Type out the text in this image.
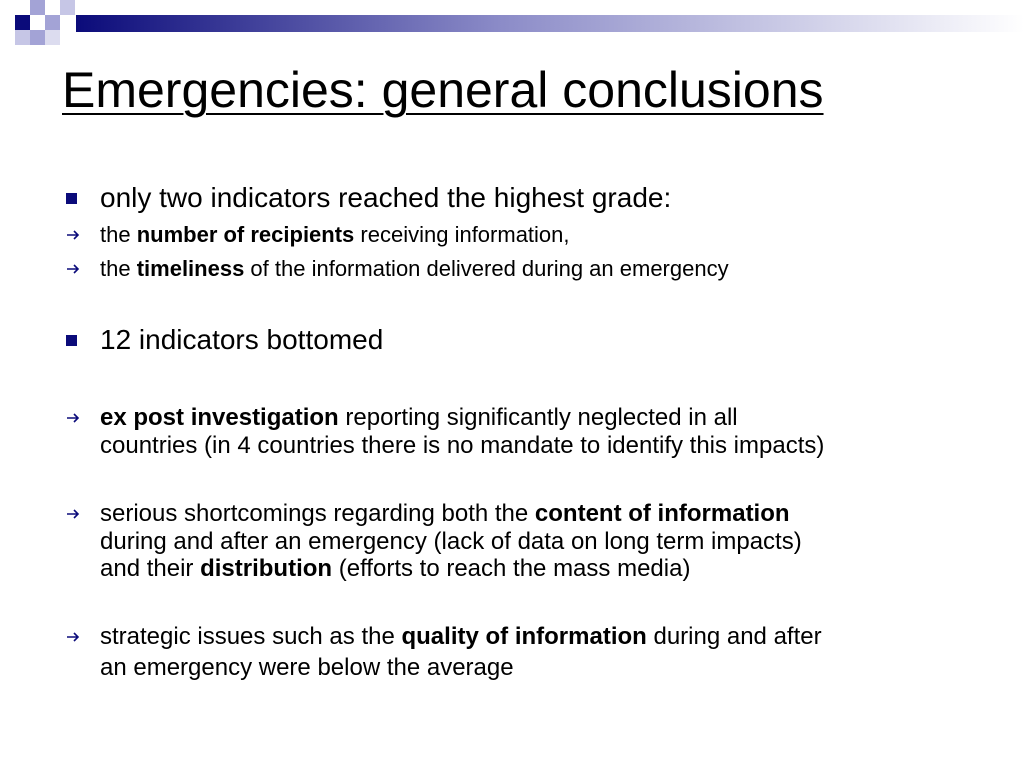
Emergencies: general conclusions
only two indicators reached the highest grade:
the number of recipients receiving information,
the timeliness of the information delivered during an emergency
12 indicators bottomed
ex post investigation reporting significantly neglected in all
countries (in 4 countries there is no mandate to identify this impacts)
serious shortcomings regarding both the content of information
during and after an emergency (lack of data on long term impacts)
and their distribution (efforts to reach the mass media)
strategic issues such as the quality of information during and after
an emergency were below the average
